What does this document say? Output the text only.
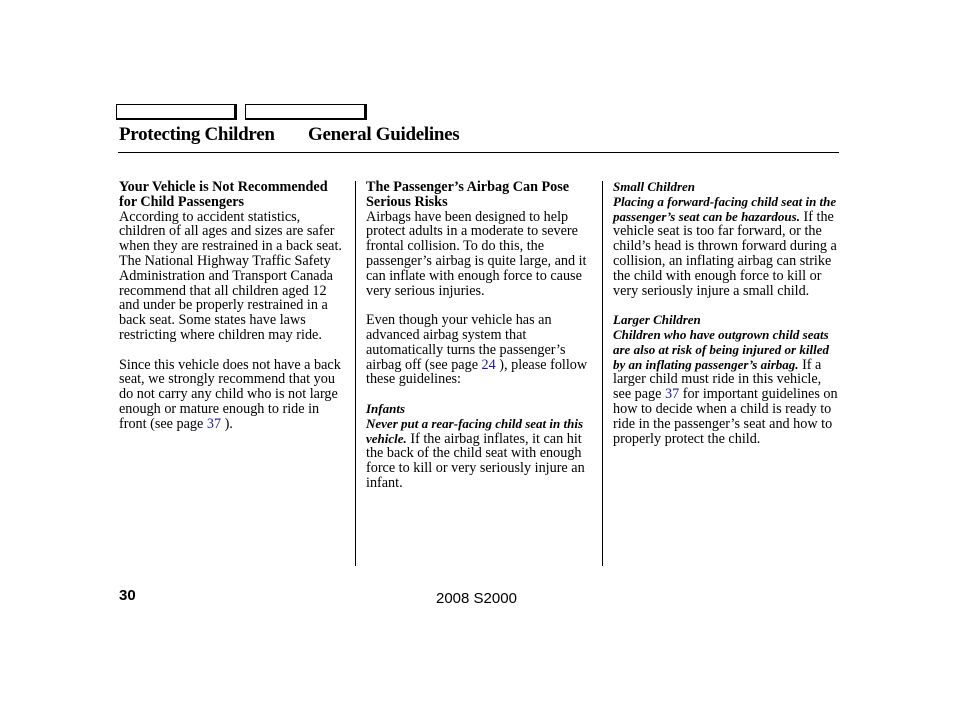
Protecting Children General Guidelines

Your Vehicle is Not Recommended for Child Passengers

According to accident statistics, children of all ages and sizes are safer when they are restrained in a back seat. The National Highway Traffic Safety Administration and Transport Canada recommend that all children aged 12 and under be properly restrained in a back seat. Some states have laws restricting where children may ride.

Since this vehicle does not have a back seat, we strongly recommend that you do not carry any child who is not large enough or mature enough to ride in front (see page 37 ).

The Passenger’s Airbag Can Pose Serious Risks

Airbags have been designed to help protect adults in a moderate to severe frontal collision. To do this, the passenger’s airbag is quite large, and it can inflate with enough force to cause very serious injuries.

Even though your vehicle has an advanced airbag system that automatically turns the passenger’s airbag off (see page 24 ), please follow these guidelines:

Infants

Never put a rear-facing child seat in this vehicle. If the airbag inflates, it can hit the back of the child seat with enough force to kill or very seriously injure an infant.

Small Children

Placing a forward-facing child seat in the passenger’s seat can be hazardous. If the vehicle seat is too far forward, or the child’s head is thrown forward during a collision, an inflating airbag can strike the child with enough force to kill or very seriously injure a small child.

Larger Children

Children who have outgrown child seats are also at risk of being injured or killed by an inflating passenger’s airbag. If a larger child must ride in this vehicle, see page 37 for important guidelines on how to decide when a child is ready to ride in the passenger’s seat and how to properly protect the child.

30	2008 S2000
